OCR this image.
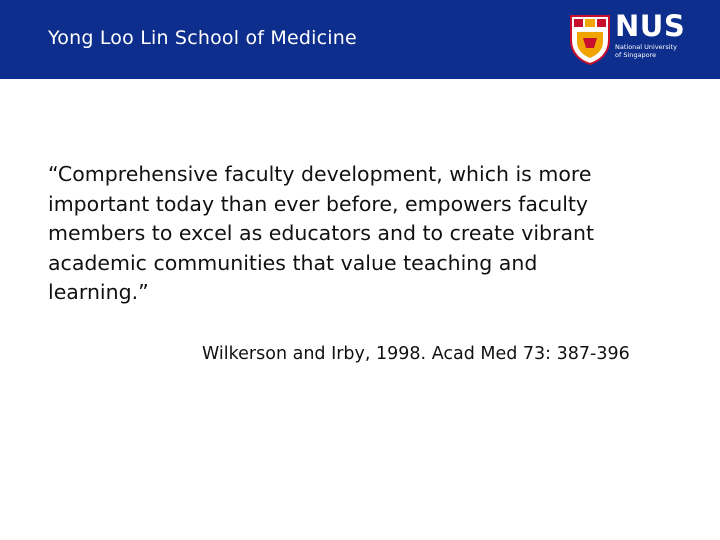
Yong Loo Lin School of Medicine	NUS
National University
of Singapore
“Comprehensive faculty development, which is more
important today than ever before, empowers faculty
members to excel as educators and to create vibrant
academic communities that value teaching and
learning.”
Wilkerson and Irby, 1998. Acad Med 73: 387-396
